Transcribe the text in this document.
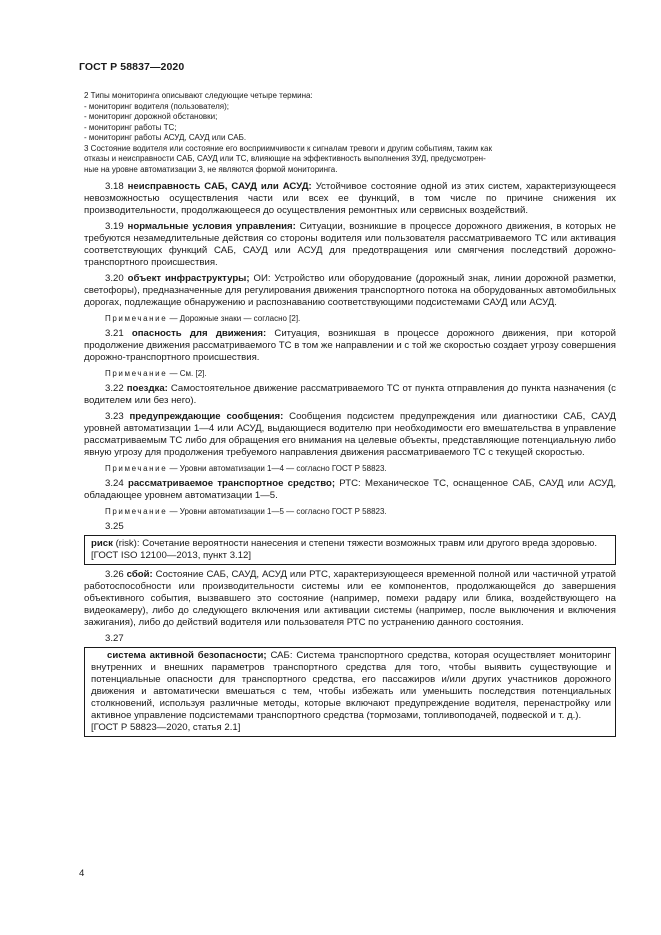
ГОСТ Р 58837—2020
2 Типы мониторинга описывают следующие четыре термина:
- мониторинг водителя (пользователя);
- мониторинг дорожной обстановки;
- мониторинг работы ТС;
- мониторинг работы АСУД, САУД или САБ.
3 Состояние водителя или состояние его восприимчивости к сигналам тревоги и другим событиям, таким как
отказы и неисправности САБ, САУД или ТС, влияющие на эффективность выполнения ЗУД, предусмотрен-
ные на уровне автоматизации 3, не являются формой мониторинга.
3.18 неисправность САБ, САУД или АСУД: Устойчивое состояние одной из этих систем, характеризующееся невозможностью осуществления части или всех ее функций, в том числе по причине снижения их производительности, продолжающееся до осуществления ремонтных или сервисных воздействий.
3.19 нормальные условия управления: Ситуации, возникшие в процессе дорожного движения, в которых не требуются незамедлительные действия со стороны водителя или пользователя рассматриваемого ТС или активация соответствующих функций САБ, САУД или АСУД для предотвращения или смягчения последствий дорожно-транспортного происшествия.
3.20 объект инфраструктуры; ОИ: Устройство или оборудование (дорожный знак, линии дорожной разметки, светофоры), предназначенные для регулирования движения транспортного потока на оборудованных автомобильных дорогах, подлежащие обнаружению и распознаванию соответствующими подсистемами САУД или АСУД.
Примечание — Дорожные знаки — согласно [2].
3.21 опасность для движения: Ситуация, возникшая в процессе дорожного движения, при которой продолжение движения рассматриваемого ТС в том же направлении и с той же скоростью создает угрозу совершения дорожно-транспортного происшествия.
Примечание — См. [2].
3.22 поездка: Самостоятельное движение рассматриваемого ТС от пункта отправления до пункта назначения (с водителем или без него).
3.23 предупреждающие сообщения: Сообщения подсистем предупреждения или диагностики САБ, САУД уровней автоматизации 1—4 или АСУД, выдающиеся водителю при необходимости его вмешательства в управление рассматриваемым ТС либо для обращения его внимания на целевые объекты, представляющие потенциальную либо явную угрозу для продолжения требуемого направления движения рассматриваемого ТС с текущей скоростью.
Примечание — Уровни автоматизации 1—4 — согласно ГОСТ Р 58823.
3.24 рассматриваемое транспортное средство; РТС: Механическое ТС, оснащенное САБ, САУД или АСУД, обладающее уровнем автоматизации 1—5.
Примечание — Уровни автоматизации 1—5 — согласно ГОСТ Р 58823.
3.25
риск (risk): Сочетание вероятности нанесения и степени тяжести возможных травм или другого вреда здоровью.
[ГОСТ ISO 12100—2013, пункт 3.12]
3.26 сбой: Состояние САБ, САУД, АСУД или РТС, характеризующееся временной полной или частичной утратой работоспособности или производительности системы или ее компонентов, продолжающейся до завершения объективного события, вызвавшего это состояние (например, помехи радару или блика, воздействующего на видеокамеру), либо до следующего включения или активации системы (например, после выключения и включения зажигания), либо до действий водителя или пользователя РТС по устранению данного состояния.
3.27
система активной безопасности; САБ: Система транспортного средства, которая осуществляет мониторинг внутренних и внешних параметров транспортного средства для того, чтобы выявить существующие и потенциальные опасности для транспортного средства, его пассажиров и/или других участников дорожного движения и автоматически вмешаться с тем, чтобы избежать или уменьшить последствия потенциальных столкновений, используя различные методы, которые включают предупреждение водителя, перенастройку или активное управление подсистемами транспортного средства (тормозами, топливоподачей, подвеской и т. д.).
[ГОСТ Р 58823—2020, статья 2.1]
4
